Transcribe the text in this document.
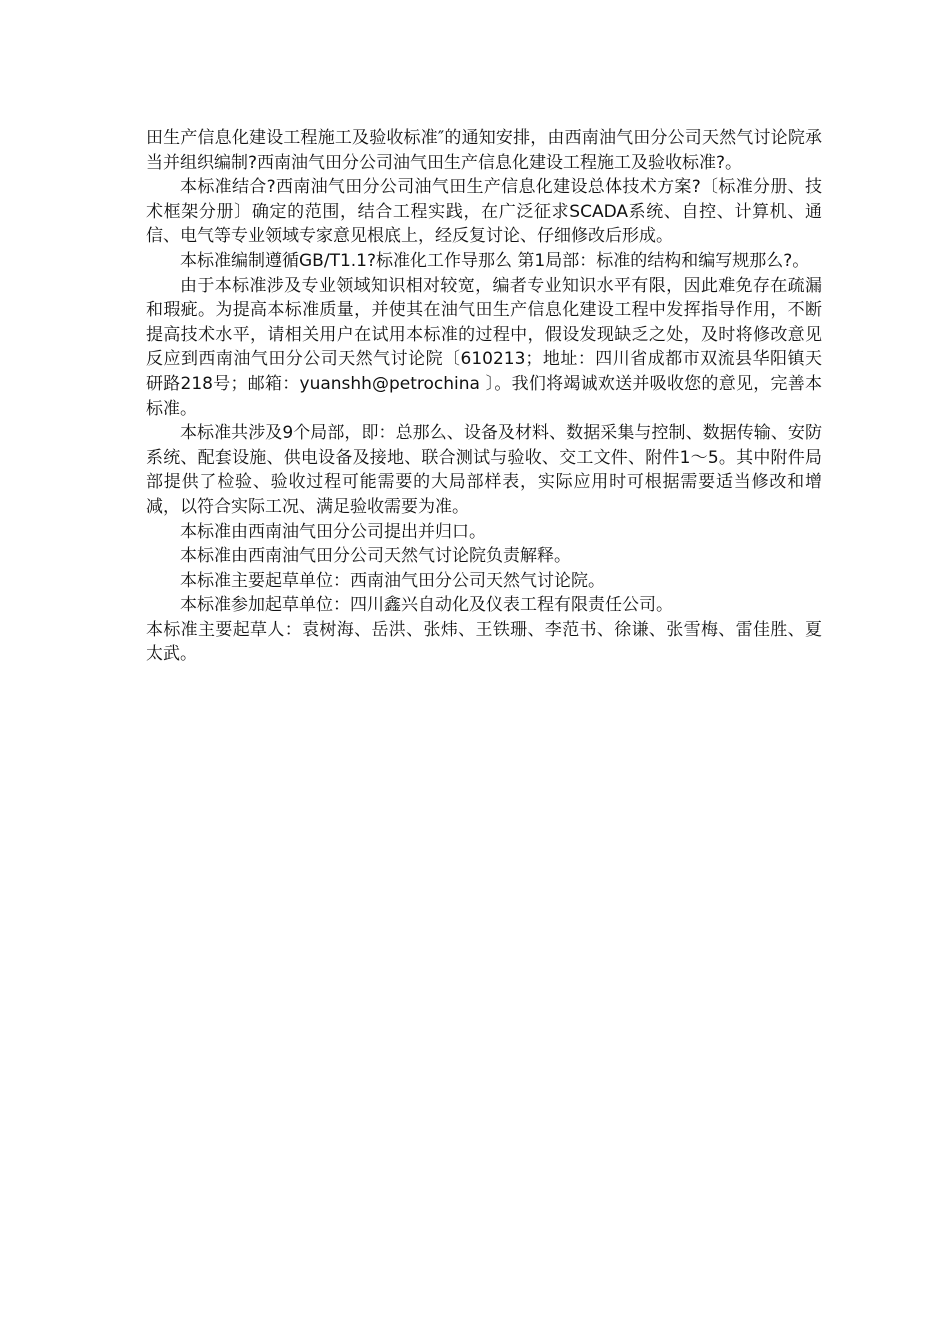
田生产信息化建设工程施工及验收标准″的通知安排，由西南油气田分公司天然气讨论院承当并组织编制?西南油气田分公司油气田生产信息化建设工程施工及验收标准?。

本标准结合?西南油气田分公司油气田生产信息化建设总体技术方案?〔标准分册、技术框架分册〕确定的范围，结合工程实践，在广泛征求SCADA系统、自控、计算机、通信、电气等专业领域专家意见根底上，经反复讨论、仔细修改后形成。

本标准编制遵循GB/T1.1?标准化工作导那么 第1局部：标准的结构和编写规那么?。

由于本标准涉及专业领域知识相对较宽，编者专业知识水平有限，因此难免存在疏漏和瑕疵。为提高本标准质量，并使其在油气田生产信息化建设工程中发挥指导作用，不断提高技术水平，请相关用户在试用本标准的过程中，假设发现缺乏之处，及时将修改意见反应到西南油气田分公司天然气讨论院〔610213；地址：四川省成都市双流县华阳镇天研路218号；邮箱：yuanshh@petrochina 〕。我们将竭诚欢送并吸收您的意见，完善本标准。

本标准共涉及9个局部，即：总那么、设备及材料、数据采集与控制、数据传输、安防系统、配套设施、供电设备及接地、联合测试与验收、交工文件、附件1～5。其中附件局部提供了检验、验收过程可能需要的大局部样表，实际应用时可根据需要适当修改和增减，以符合实际工况、满足验收需要为准。

本标准由西南油气田分公司提出并归口。

本标准由西南油气田分公司天然气讨论院负责解释。

本标准主要起草单位：西南油气田分公司天然气讨论院。

本标准参加起草单位：四川鑫兴自动化及仪表工程有限责任公司。

本标准主要起草人：袁树海、岳洪、张炜、王铁珊、李范书、徐谦、张雪梅、雷佳胜、夏太武。
